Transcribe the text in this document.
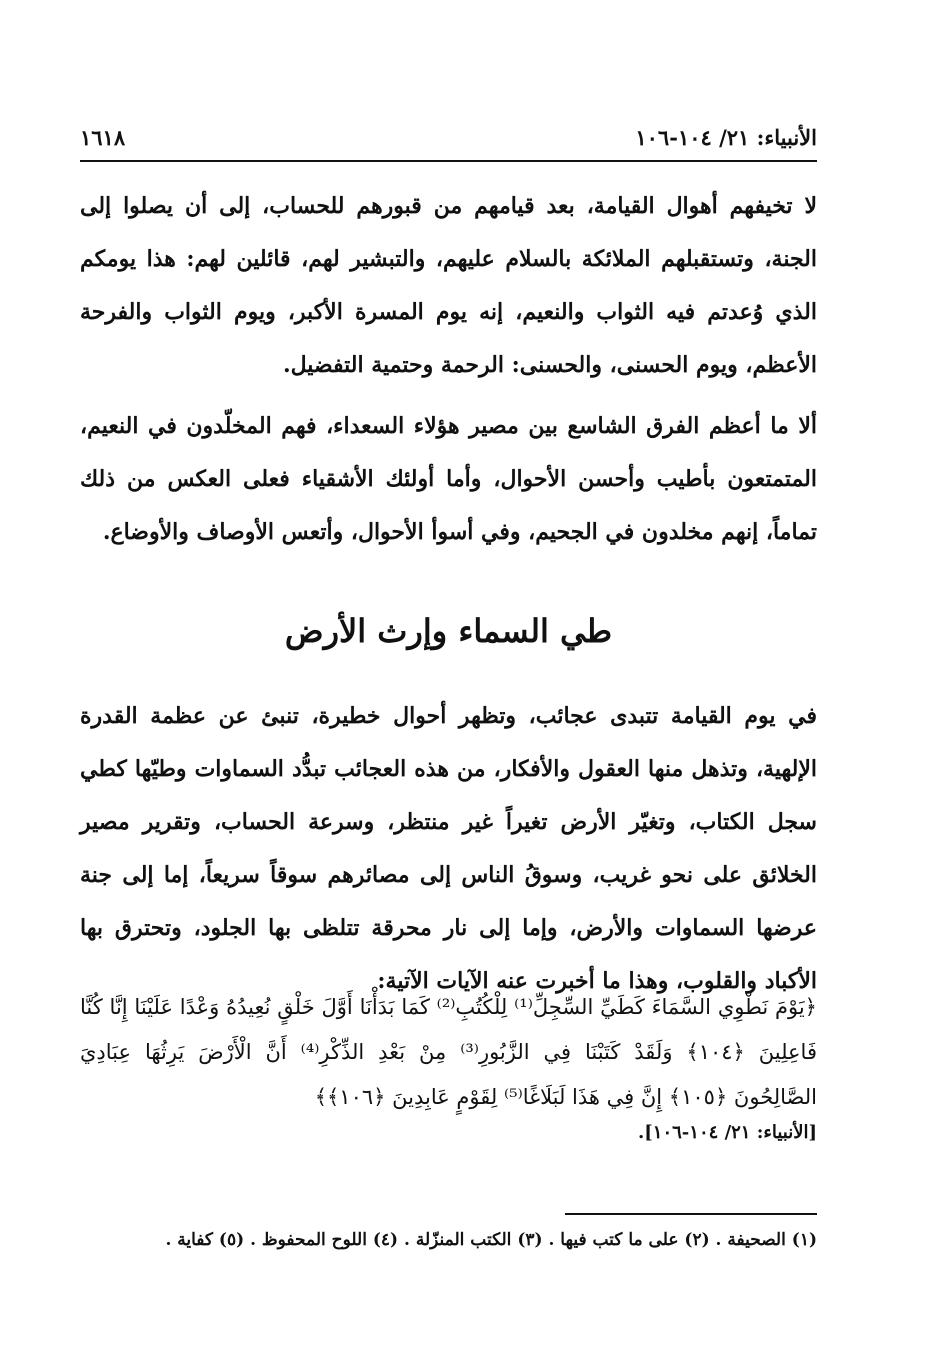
الأنبياء: ٢١/ ١٠٤-١٠٦
١٦١٨

لا تخيفهم أهوال القيامة، بعد قيامهم من قبورهم للحساب، إلى أن يصلوا إلى الجنة، وتستقبلهم الملائكة بالسلام عليهم، والتبشير لهم، قائلين لهم: هذا يومكم الذي وُعدتم فيه الثواب والنعيم، إنه يوم المسرة الأكبر، ويوم الثواب والفرحة الأعظم، ويوم الحسنى، والحسنى: الرحمة وحتمية التفضيل.

ألا ما أعظم الفرق الشاسع بين مصير هؤلاء السعداء، فهم المخلّدون في النعيم، المتمتعون بأطيب وأحسن الأحوال، وأما أولئك الأشقياء فعلى العكس من ذلك تماماً، إنهم مخلدون في الجحيم، وفي أسوأ الأحوال، وأتعس الأوصاف والأوضاع.

طي السماء وإرث الأرض

في يوم القيامة تتبدى عجائب، وتظهر أحوال خطيرة، تنبئ عن عظمة القدرة الإلهية، وتذهل منها العقول والأفكار، من هذه العجائب تبدُّد السماوات وطيّها كطي سجل الكتاب، وتغيّر الأرض تغيراً غير منتظر، وسرعة الحساب، وتقرير مصير الخلائق على نحو غريب، وسوقُ الناس إلى مصائرهم سوقاً سريعاً، إما إلى جنة عرضها السماوات والأرض، وإما إلى نار محرقة تتلظى بها الجلود، وتحترق بها الأكباد والقلوب، وهذا ما أخبرت عنه الآيات الآتية:

﴿يَوْمَ نَطْوِي السَّمَاءَ كَطَيِّ السِّجِلِّ⁽¹⁾ لِلْكُتُبِ⁽²⁾ كَمَا بَدَأْنَا أَوَّلَ خَلْقٍ نُعِيدُهُ وَعْدًا عَلَيْنَا إِنَّا كُنَّا فَاعِلِينَ ﴿١٠٤﴾ وَلَقَدْ كَتَبْنَا فِي الزَّبُورِ⁽³⁾ مِنْ بَعْدِ الذِّكْرِ⁽⁴⁾ أَنَّ الْأَرْضَ يَرِثُهَا عِبَادِيَ الصَّالِحُونَ ﴿١٠٥﴾ إِنَّ فِي هَذَا لَبَلَاغًا⁽⁵⁾ لِقَوْمٍ عَابِدِينَ ﴿١٠٦﴾﴾

[الأنبياء: ٢١/ ١٠٤-١٠٦].

(١) الصحيفة . (٢) على ما كتب فيها . (٣) الكتب المنزّلة . (٤) اللوح المحفوظ . (٥) كفاية .
